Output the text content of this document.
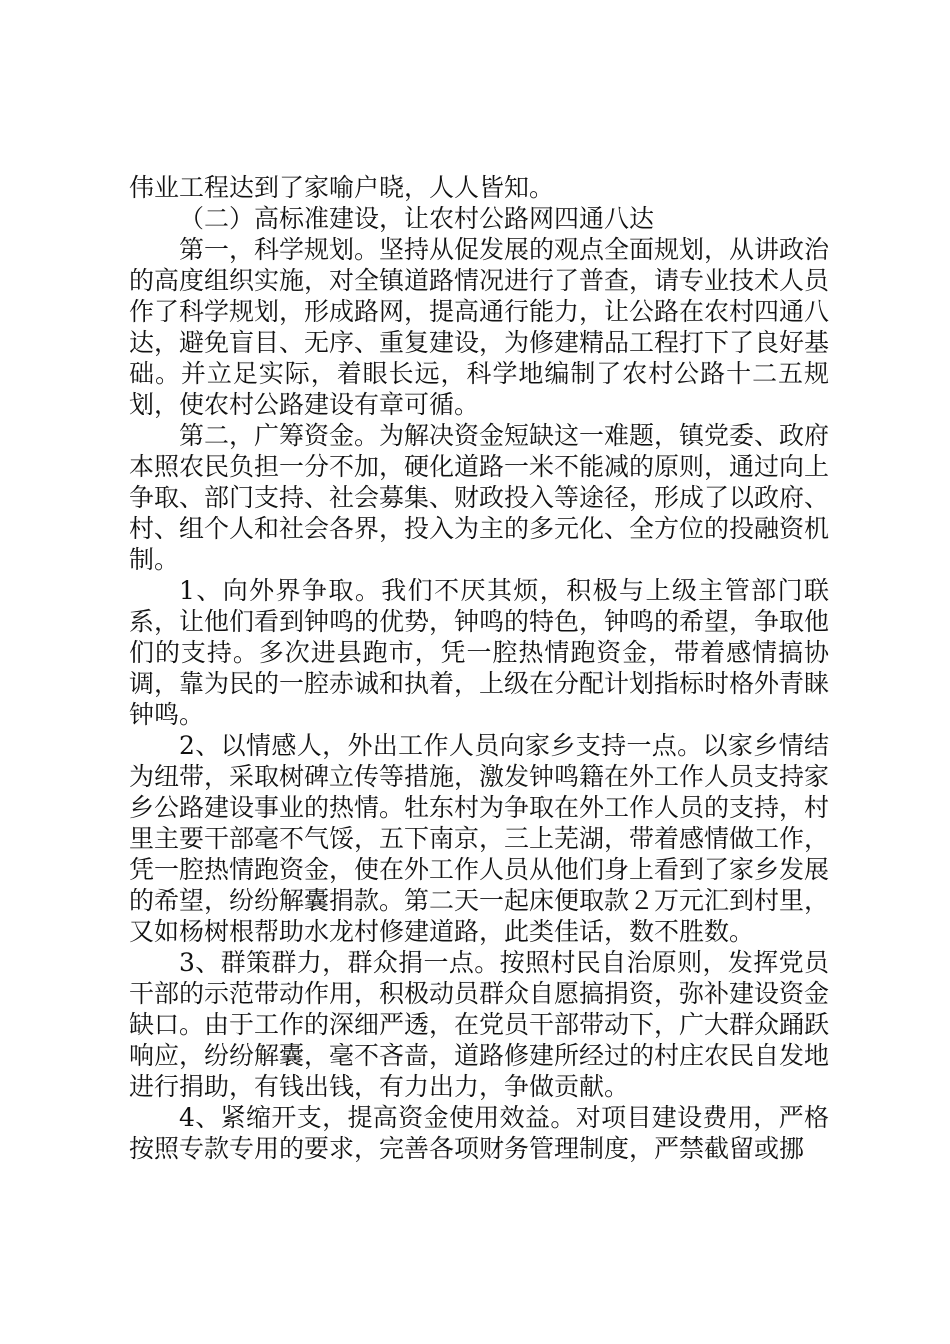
伟业工程达到了家喻户晓，人人皆知。

（二）高标准建设，让农村公路网四通八达

第一，科学规划。坚持从促发展的观点全面规划，从讲政治的高度组织实施，对全镇道路情况进行了普查，请专业技术人员作了科学规划，形成路网，提高通行能力，让公路在农村四通八达，避免盲目、无序、重复建设，为修建精品工程打下了良好基础。并立足实际，着眼长远，科学地编制了农村公路十二五规划，使农村公路建设有章可循。

第二，广筹资金。为解决资金短缺这一难题，镇党委、政府本照农民负担一分不加，硬化道路一米不能减的原则，通过向上争取、部门支持、社会募集、财政投入等途径，形成了以政府、村、组个人和社会各界，投入为主的多元化、全方位的投融资机制。

1、向外界争取。我们不厌其烦，积极与上级主管部门联系，让他们看到钟鸣的优势，钟鸣的特色，钟鸣的希望，争取他们的支持。多次进县跑市，凭一腔热情跑资金，带着感情搞协调，靠为民的一腔赤诚和执着，上级在分配计划指标时格外青睐钟鸣。

2、以情感人，外出工作人员向家乡支持一点。以家乡情结为纽带，采取树碑立传等措施，激发钟鸣籍在外工作人员支持家乡公路建设事业的热情。牡东村为争取在外工作人员的支持，村里主要干部毫不气馁，五下南京，三上芜湖，带着感情做工作，凭一腔热情跑资金，使在外工作人员从他们身上看到了家乡发展的希望，纷纷解囊捐款。第二天一起床便取款２万元汇到村里，又如杨树根帮助水龙村修建道路，此类佳话，数不胜数。

3、群策群力，群众捐一点。按照村民自治原则，发挥党员干部的示范带动作用，积极动员群众自愿搞捐资，弥补建设资金缺口。由于工作的深细严透，在党员干部带动下，广大群众踊跃响应，纷纷解囊，毫不吝啬，道路修建所经过的村庄农民自发地进行捐助，有钱出钱，有力出力，争做贡献。

4、紧缩开支，提高资金使用效益。对项目建设费用，严格按照专款专用的要求，完善各项财务管理制度，严禁截留或挪
